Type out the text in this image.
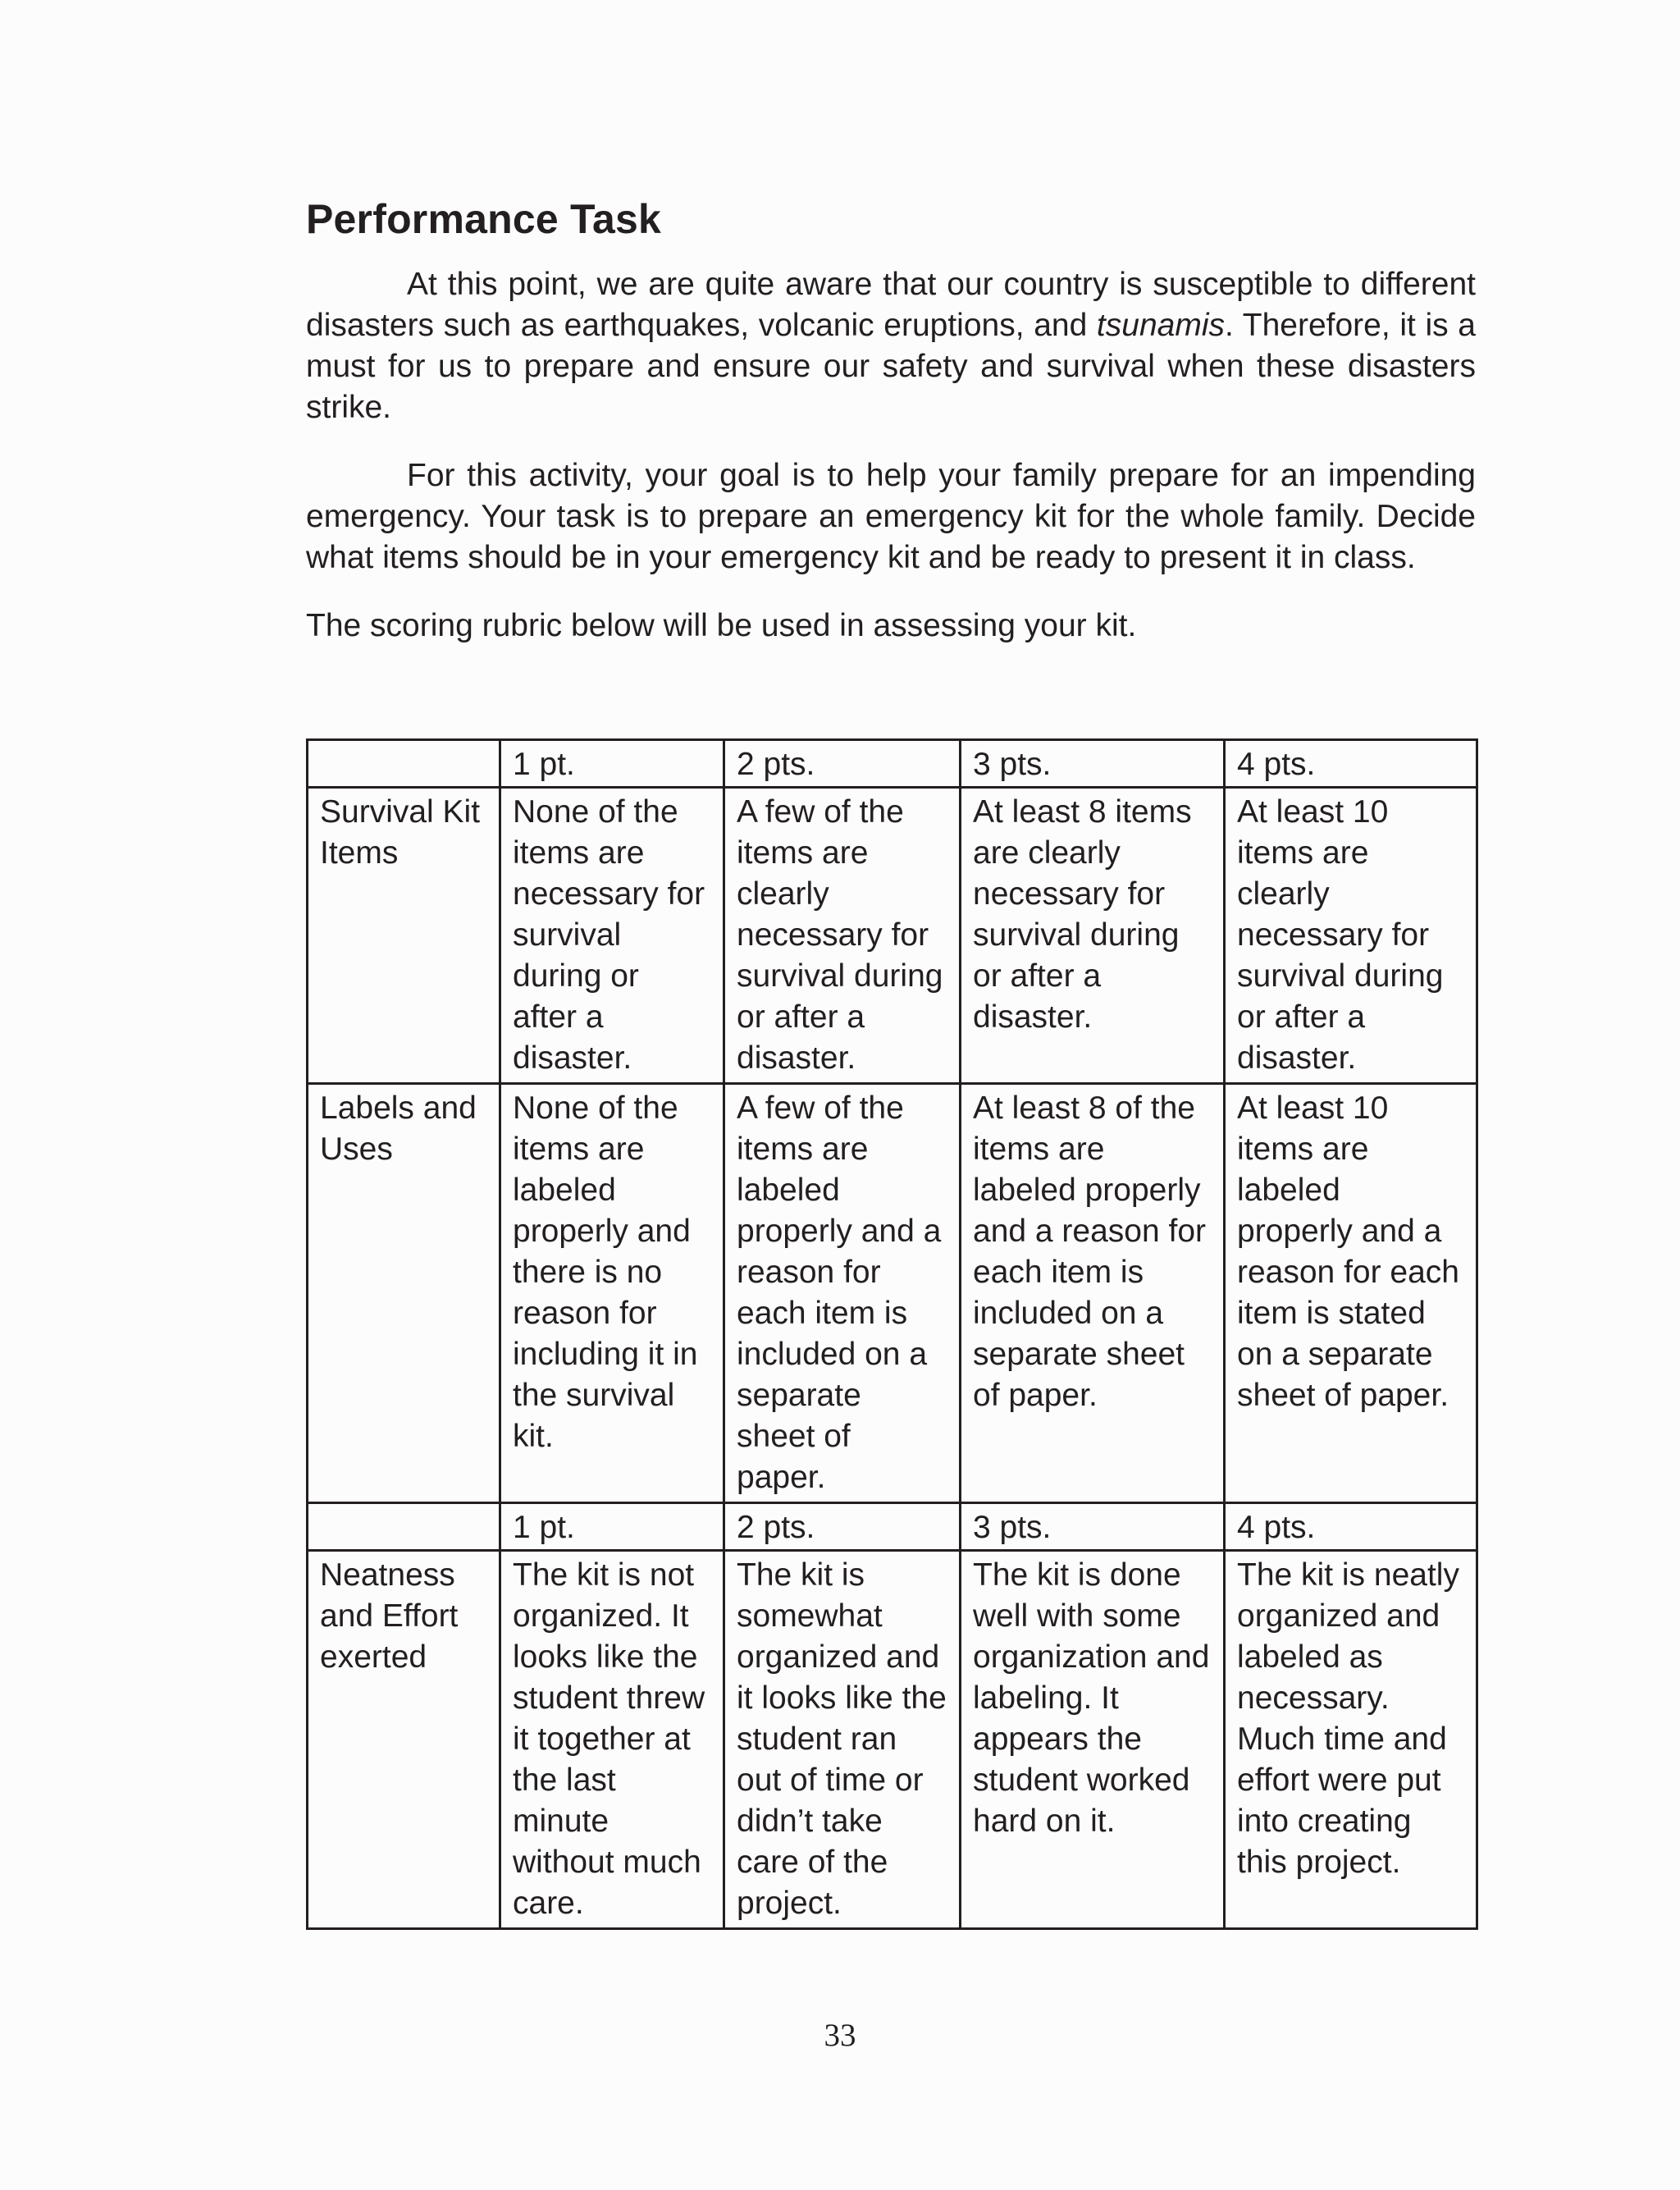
Performance Task

At this point, we are quite aware that our country is susceptible to different disasters such as earthquakes, volcanic eruptions, and tsunamis. Therefore, it is a must for us to prepare and ensure our safety and survival when these disasters strike.

For this activity, your goal is to help your family prepare for an impending emergency. Your task is to prepare an emergency kit for the whole family. Decide what items should be in your emergency kit and be ready to present it in class.

The scoring rubric below will be used in assessing your kit.

	1 pt.	2 pts.	3 pts.	4 pts.
Survival Kit Items	None of the items are necessary for survival during or after a disaster.	A few of the items are clearly necessary for survival during or after a disaster.	At least 8 items are clearly necessary for survival during or after a disaster.	At least 10 items are clearly necessary for survival during or after a disaster.
Labels and Uses	None of the items are labeled properly and there is no reason for including it in the survival kit.	A few of the items are labeled properly and a reason for each item is included on a separate sheet of paper.	At least 8 of the items are labeled properly and a reason for each item is included on a separate sheet of paper.	At least 10 items are labeled properly and a reason for each item is stated on a separate sheet of paper.
	1 pt.	2 pts.	3 pts.	4 pts.
Neatness and Effort exerted	The kit is not organized. It looks like the student threw it together at the last minute without much care.	The kit is somewhat organized and it looks like the student ran out of time or didn’t take care of the project.	The kit is done well with some organization and labeling. It appears the student worked hard on it.	The kit is neatly organized and labeled as necessary. Much time and effort were put into creating this project.
33
